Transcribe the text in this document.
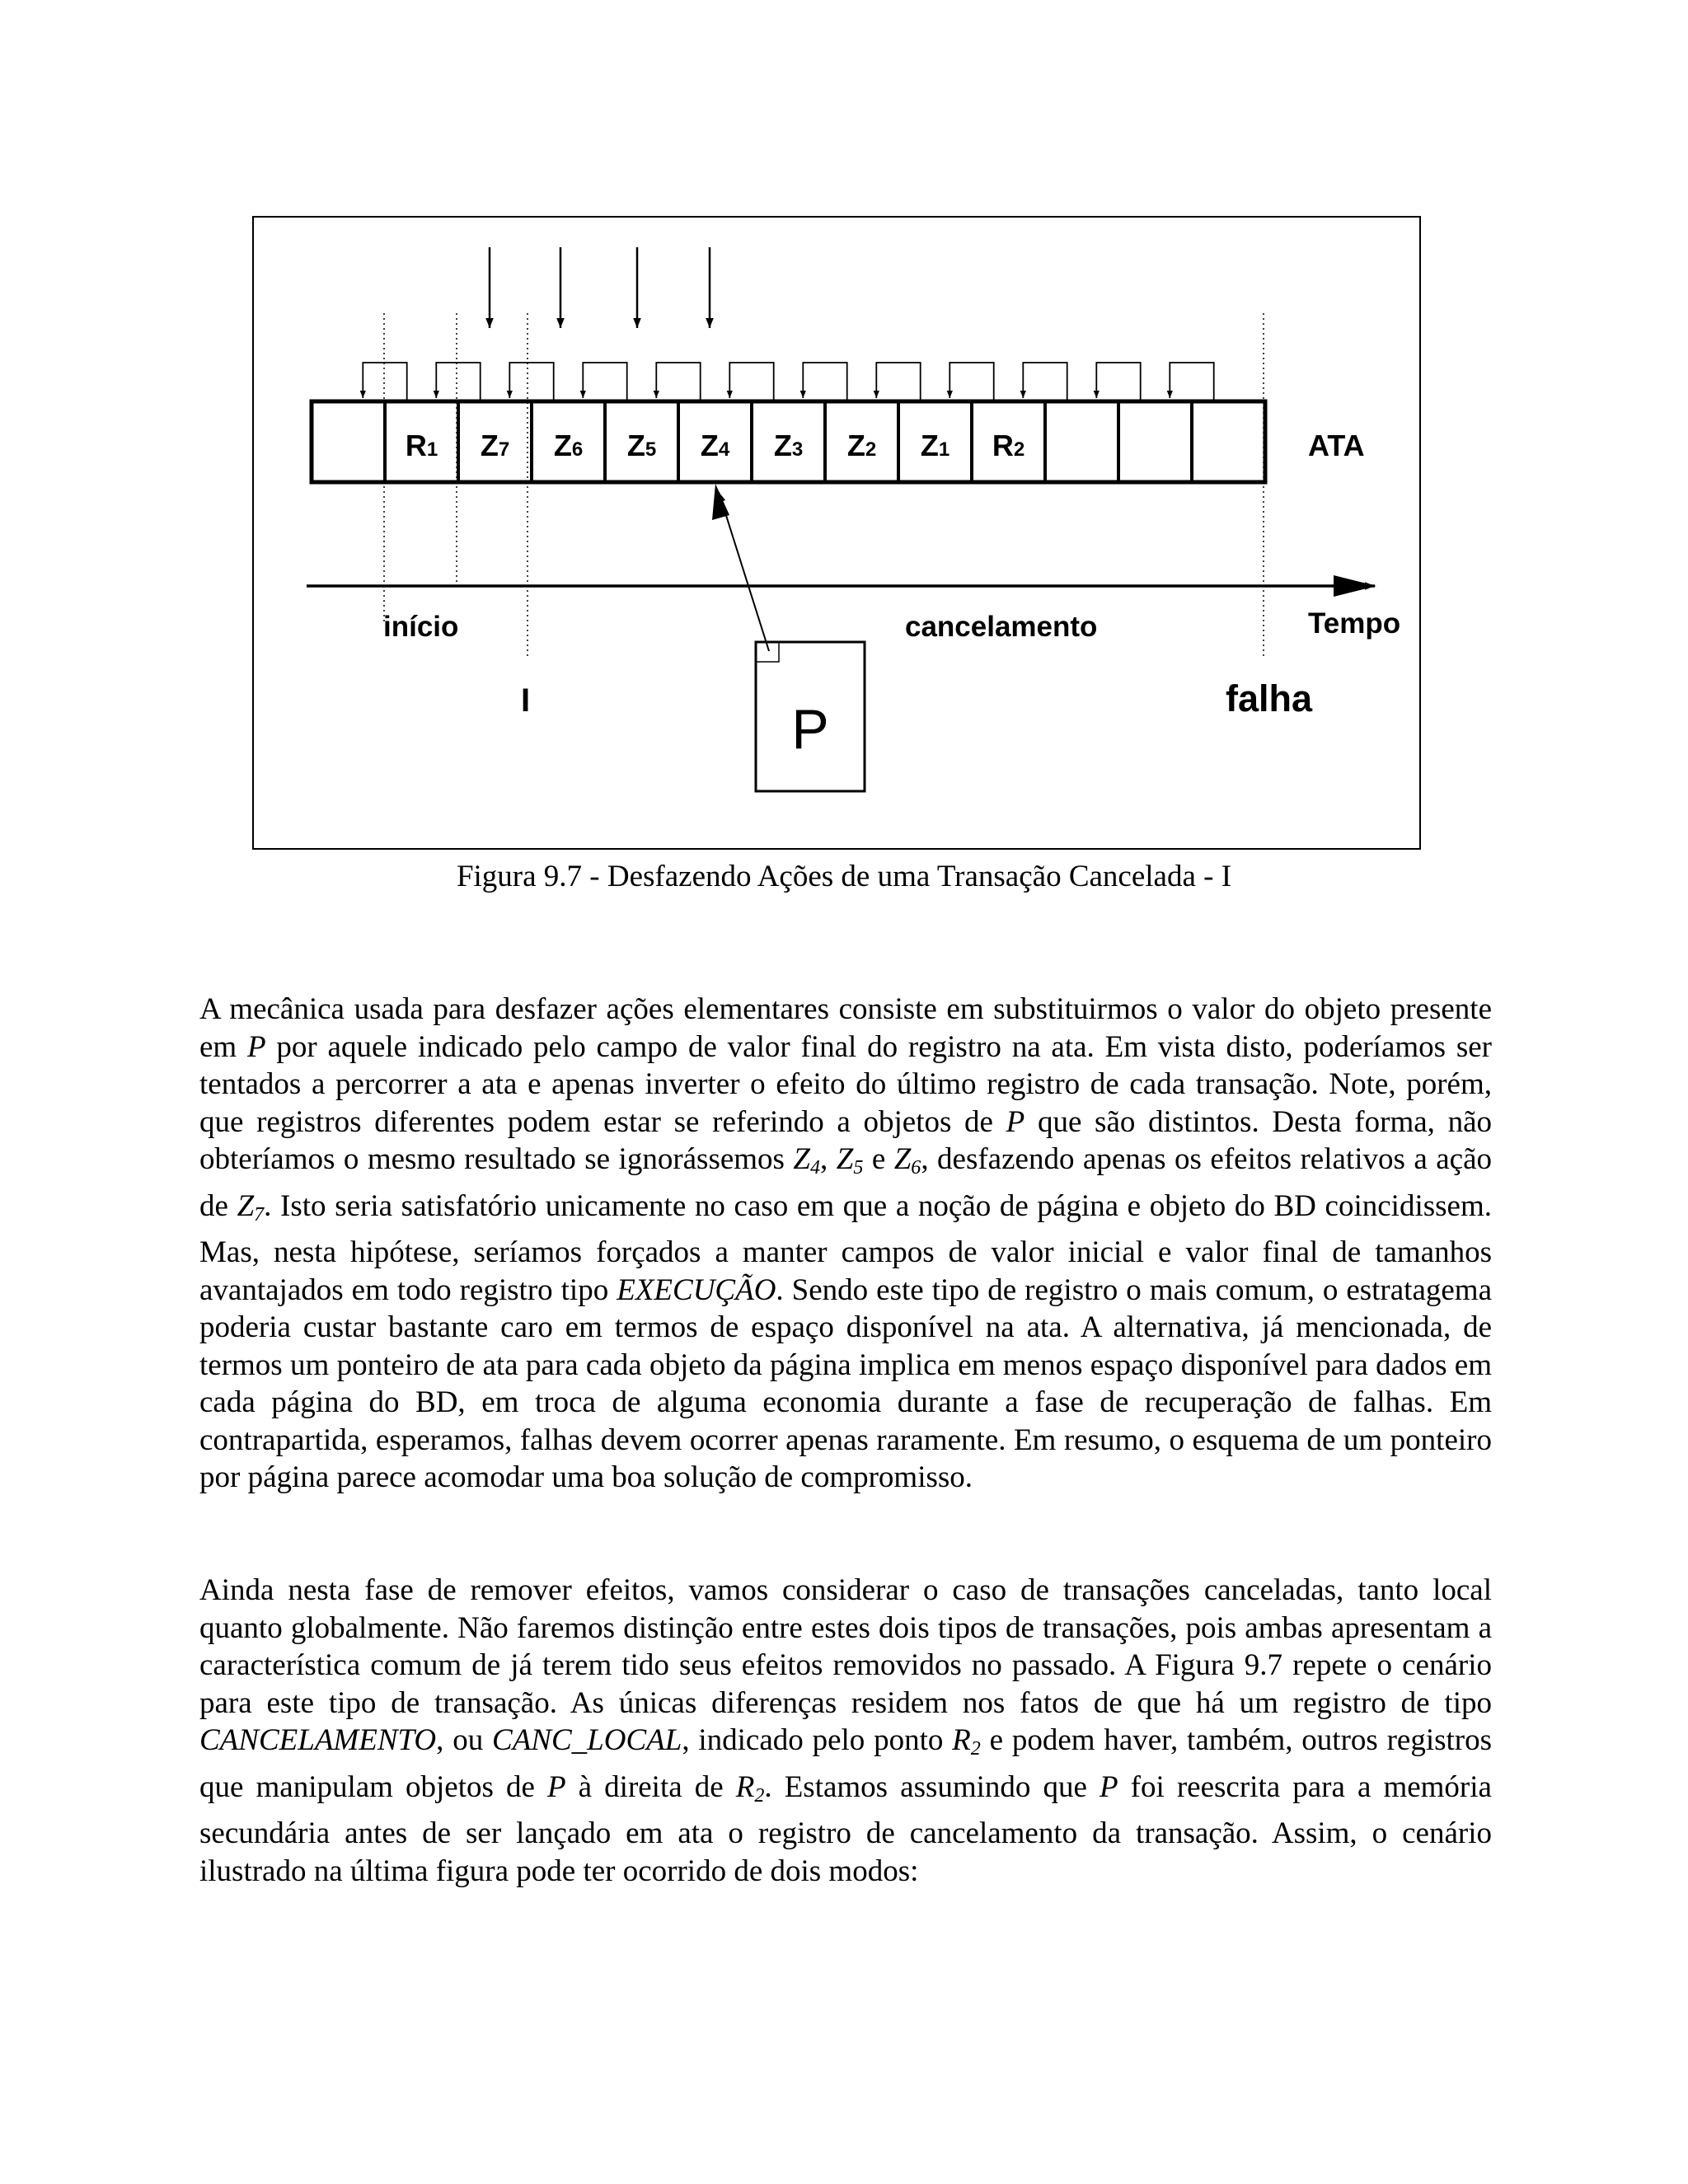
R1 Z7 Z6 Z5 Z4 Z3 Z2 Z1 R2	ATA
Tempo
início	cancelamento
I	falha
P
Figura 9.7 - Desfazendo Ações de uma Transação Cancelada - I

A mecânica usada para desfazer ações elementares consiste em substituirmos o valor do objeto presente em P por aquele indicado pelo campo de valor final do registro na ata. Em vista disto, poderíamos ser tentados a percorrer a ata e apenas inverter o efeito do último registro de cada transação. Note, porém, que registros diferentes podem estar se referindo a objetos de P que são distintos. Desta forma, não obteríamos o mesmo resultado se ignorássemos $Z_4$, $Z_5$ e $Z_6$, desfazendo apenas os efeitos relativos a ação de $Z_7$. Isto seria satisfatório unicamente no caso em que a noção de página e objeto do BD coincidissem. Mas, nesta hipótese, seríamos forçados a manter campos de valor inicial e valor final de tamanhos avantajados em todo registro tipo EXECUÇÃO. Sendo este tipo de registro o mais comum, o estratagema poderia custar bastante caro em termos de espaço disponível na ata. A alternativa, já mencionada, de termos um ponteiro de ata para cada objeto da página implica em menos espaço disponível para dados em cada página do BD, em troca de alguma economia durante a fase de recuperação de falhas. Em contrapartida, esperamos, falhas devem ocorrer apenas raramente. Em resumo, o esquema de um ponteiro por página parece acomodar uma boa solução de compromisso.

Ainda nesta fase de remover efeitos, vamos considerar o caso de transações canceladas, tanto local quanto globalmente. Não faremos distinção entre estes dois tipos de transações, pois ambas apresentam a característica comum de já terem tido seus efeitos removidos no passado. A Figura 9.7 repete o cenário para este tipo de transação. As únicas diferenças residem nos fatos de que há um registro de tipo CANCELAMENTO, ou CANC_LOCAL, indicado pelo ponto $R_2$ e podem haver, também, outros registros que manipulam objetos de P à direita de $R_2$. Estamos assumindo que P foi reescrita para a memória secundária antes de ser lançado em ata o registro de cancelamento da transação. Assim, o cenário ilustrado na última figura pode ter ocorrido de dois modos:
